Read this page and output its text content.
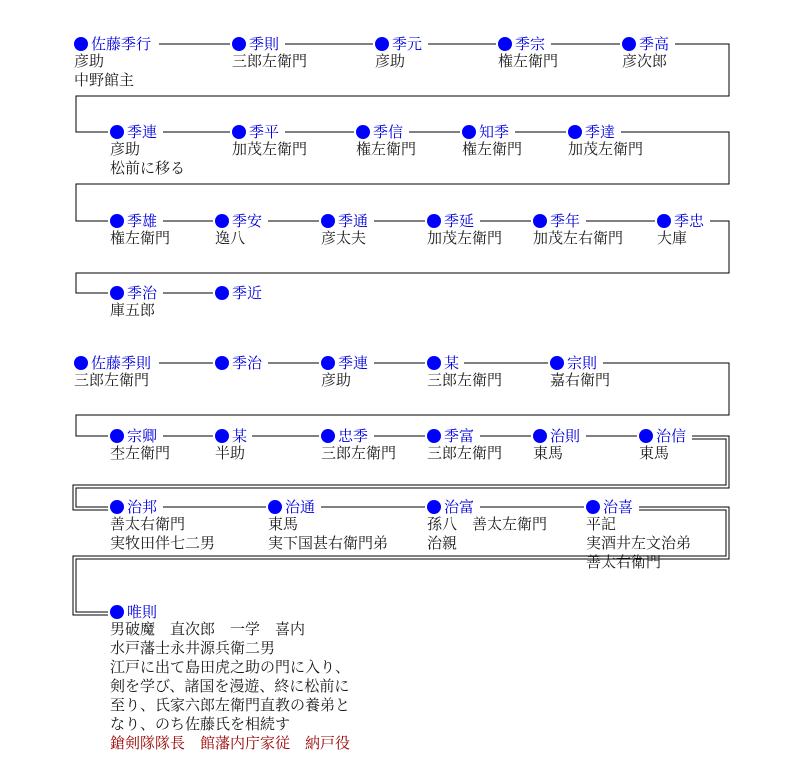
佐藤季行
彦助
中野館主
季則
三郎左衛門
季元
彦助
季宗
権左衛門
季高
彦次郎
季連
彦助
松前に移る
季平
加茂左衛門
季信
権左衛門
知季
権左衛門
季達
加茂左衛門
季雄
権左衛門
季安
逸八
季通
彦太夫
季延
加茂左衛門
季年
加茂左右衛門
季忠
大庫
季治
庫五郎
季近
佐藤季則
三郎左衛門
季治	季連
彦助
某
三郎左衛門
宗則
嘉右衛門
宗卿
杢左衛門
某
半助
忠季
三郎左衛門
季富
三郎左衛門
治則
東馬
治信
東馬
治邦
善太右衛門
実牧田伴七二男
治通
東馬
実下国甚右衛門弟
治富
孫八　善太左衛門
治親
治喜
平記
実酒井左文治弟
善太右衛門
唯則
男破魔　直次郎　一学　喜内
水戸藩士永井源兵衛二男
江戸に出て島田虎之助の門に入り、
剣を学び、諸国を漫遊、終に松前に
至り、氏家六郎左衛門直教の養弟と
なり、のち佐藤氏を相続す
鎗剣隊隊長　館藩内庁家従　納戸役
